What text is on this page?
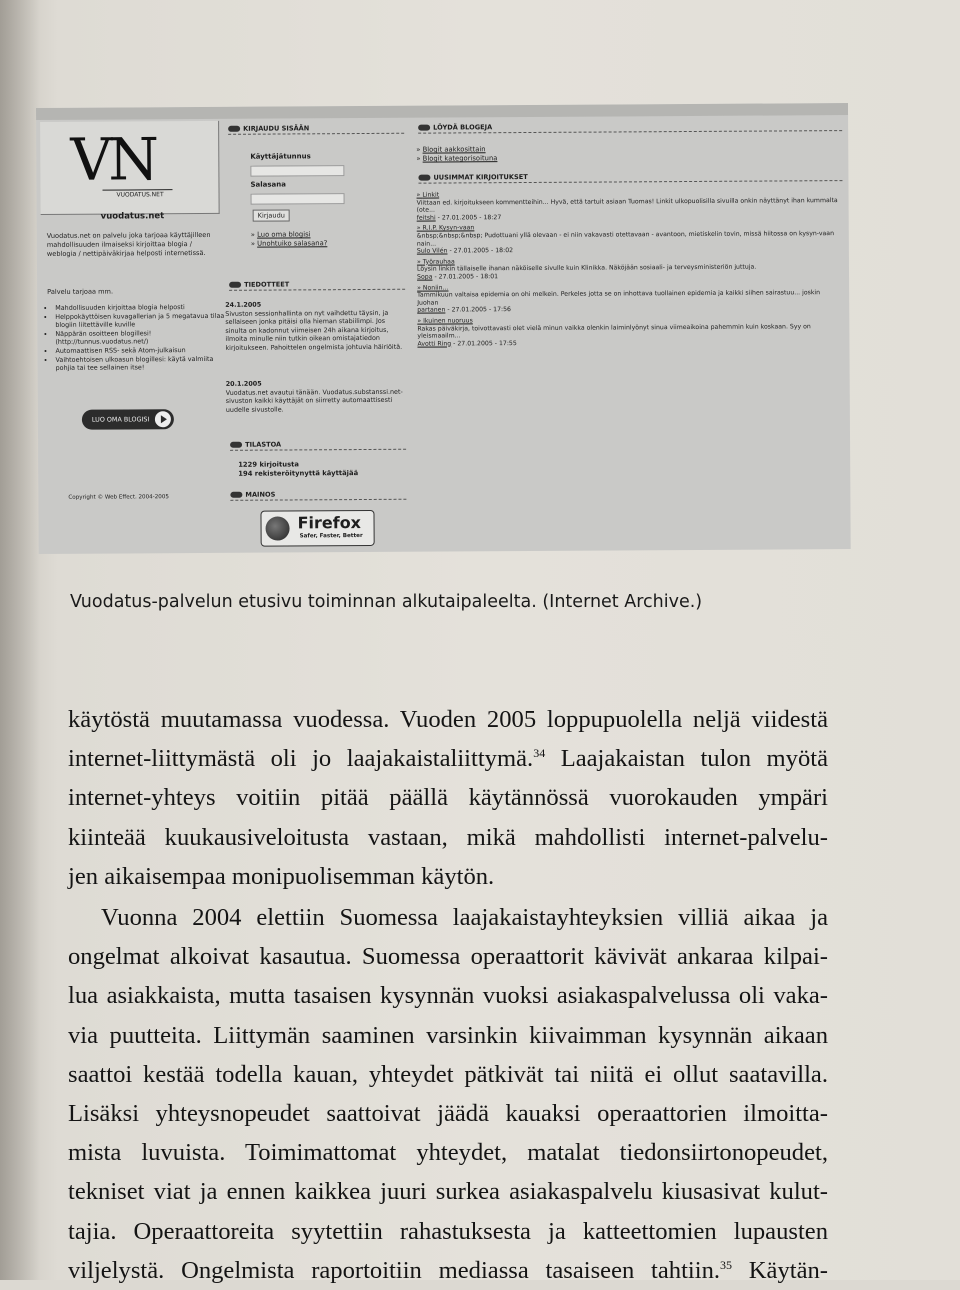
VN
VUODATUS.NET
vuodatus.net
Vuodatus.net on palvelu joka tarjoaa käyttäjilleen mahdollisuuden ilmaiseksi kirjoittaa blogia / weblogia / nettipäiväkirjaa helposti internetissä.
Palvelu tarjoaa mm.
• Mahdollisuuden kirjoittaa blogia helposti
• Helppokäyttöisen kuvagallerian ja 5 megatavua tilaa blogiin liitettäville kuville
• Näppärän osoitteen blogillesi! (http://tunnus.vuodatus.net/)
• Automaattisen RSS- sekä Atom-julkaisun
• Vaihtoehtoisen ulkoasun blogillesi: käytä valmiita pohjia tai tee sellainen itse!
LUO OMA BLOGISI
Copyright © Web Effect. 2004-2005
KIRJAUDU SISÄÄN
Käyttäjätunnus
Salasana
Kirjaudu
» Luo oma blogisi
» Unohtuiko salasana?
TIEDOTTEET
24.1.2005
Sivuston sessionhallinta on nyt vaihdettu täysin, ja sellaiseen jonka pitäisi olla hieman stabiilimpi. Jos sinulta on kadonnut viimeisen 24h aikana kirjoitus, ilmoita minulle niin tutkin oikean omistajatiedon kirjoitukseen. Pahoittelen ongelmista johtuvia häiriöitä.
20.1.2005
Vuodatus.net avautui tänään. Vuodatus.substanssi.net-sivuston kaikki käyttäjät on siirretty automaattisesti uudelle sivustolle.
TILASTOA
1229 kirjoitusta
194 rekisteröitynyttä käyttäjää
MAINOS
Firefox
Safer, Faster, Better
LÖYDÄ BLOGEJA
» Blogit aakkosittain
» Blogit kategorisoituna
UUSIMMAT KIRJOITUKSET
» Linkit
Viittaan ed. kirjoitukseen kommentteihin... Hyvä, että tartuit asiaan Tuomas! Linkit ulkopuolisilla sivuilla onkin näyttänyt ihan kummalta (ote...
feitshi - 27.01.2005 - 18:27
» R.I.P. Kysyn-vaan
&nbsp;&nbsp;&nbsp; Pudottuani yllä olevaan - ei niin vakavasti otettavaan - avantoon, mietiskelin tovin, missä hiitossa on kysyn-vaan nain...
Sulo Vilén - 27.01.2005 - 18:02
» Työrauhaa
Löysin linkin tällaiselle ihanan näköiselle sivulle kuin Klinikka. Näköjään sosiaali- ja terveysministeriön juttuja.
Sopa - 27.01.2005 - 18:01
» Noniin...
Tammikuun valtaisa epidemia on ohi melkein. Perkeles jotta se on inhottava tuollainen epidemia ja kaikki siihen sairastuu... joskin Juohan
partanen - 27.01.2005 - 17:56
» Ikuinen nuoruus
Rakas päiväkirja, toivottavasti olet vielä minun vaikka olenkin laiminlyönyt sinua viimeaikoina pahemmin kuin koskaan. Syy on yleismaailm...
Avotti Ring - 27.01.2005 - 17:55
Vuodatus-palvelun etusivu toiminnan alkutaipaleelta. (Internet Archive.)

käytöstä muutamassa vuodessa. Vuoden 2005 loppupuolella neljä viidestä

internet-liittymästä oli jo laajakaistaliittymä.$^{34}$ Laajakaistan tulon myötä

internet-yhteys voitiin pitää päällä käytännössä vuorokauden ympäri

kiinteää kuukausiveloitusta vastaan, mikä mahdollisti internet-palvelu-

jen aikaisempaa monipuolisemman käytön.

Vuonna 2004 elettiin Suomessa laajakaistayhteyksien villiä aikaa ja

ongelmat alkoivat kasautua. Suomessa operaattorit kävivät ankaraa kilpai-

lua asiakkaista, mutta tasaisen kysynnän vuoksi asiakaspalvelussa oli vaka-

via puutteita. Liittymän saaminen varsinkin kiivaimman kysynnän aikaan

saattoi kestää todella kauan, yhteydet pätkivät tai niitä ei ollut saatavilla.

Lisäksi yhteysnopeudet saattoivat jäädä kauaksi operaattorien ilmoitta-

mista luvuista. Toimimattomat yhteydet, matalat tiedonsiirtonopeudet,

tekniset viat ja ennen kaikkea juuri surkea asiakaspalvelu kiusasivat kulut-

tajia. Operaattoreita syytettiin rahastuksesta ja katteettomien lupausten

viljelystä. Ongelmista raportoitiin mediassa tasaiseen tahtiin.$^{35}$ Käytän-
